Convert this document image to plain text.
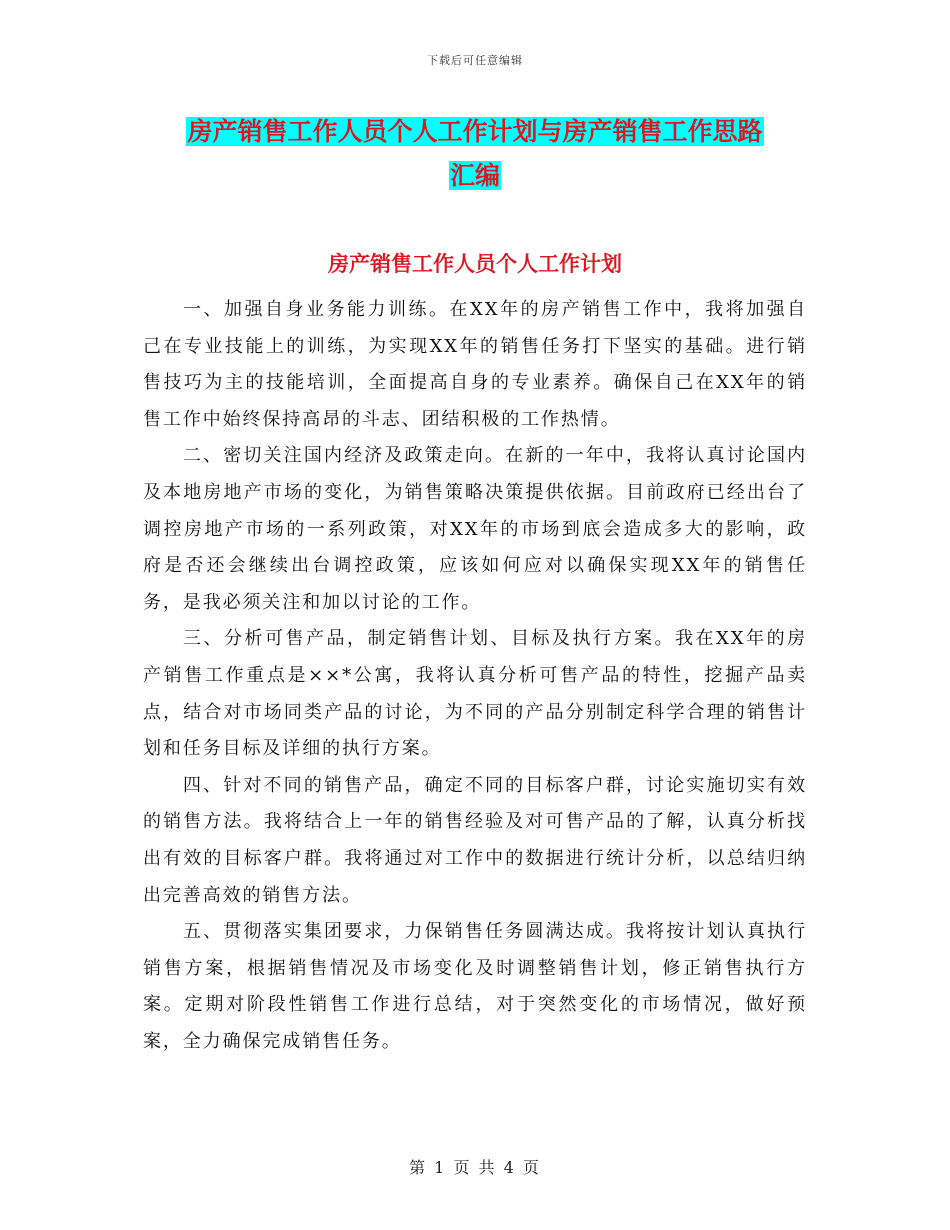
下载后可任意编辑
房产销售工作人员个人工作计划与房产销售工作思路
汇编
房产销售工作人员个人工作计划

一、加强自身业务能力训练。在XX年的房产销售工作中，我将加强自己在专业技能上的训练，为实现XX年的销售任务打下坚实的基础。进行销售技巧为主的技能培训，全面提高自身的专业素养。确保自己在XX年的销售工作中始终保持高昂的斗志、团结积极的工作热情。

二、密切关注国内经济及政策走向。在新的一年中，我将认真讨论国内及本地房地产市场的变化，为销售策略决策提供依据。目前政府已经出台了调控房地产市场的一系列政策，对XX年的市场到底会造成多大的影响，政府是否还会继续出台调控政策，应该如何应对以确保实现XX年的销售任务，是我必须关注和加以讨论的工作。

三、分析可售产品，制定销售计划、目标及执行方案。我在XX年的房产销售工作重点是××*公寓，我将认真分析可售产品的特性，挖掘产品卖点，结合对市场同类产品的讨论，为不同的产品分别制定科学合理的销售计划和任务目标及详细的执行方案。

四、针对不同的销售产品，确定不同的目标客户群，讨论实施切实有效的销售方法。我将结合上一年的销售经验及对可售产品的了解，认真分析找出有效的目标客户群。我将通过对工作中的数据进行统计分析，以总结归纳出完善高效的销售方法。

五、贯彻落实集团要求，力保销售任务圆满达成。我将按计划认真执行销售方案，根据销售情况及市场变化及时调整销售计划，修正销售执行方案。定期对阶段性销售工作进行总结，对于突然变化的市场情况，做好预案，全力确保完成销售任务。

第 1 页 共 4 页
